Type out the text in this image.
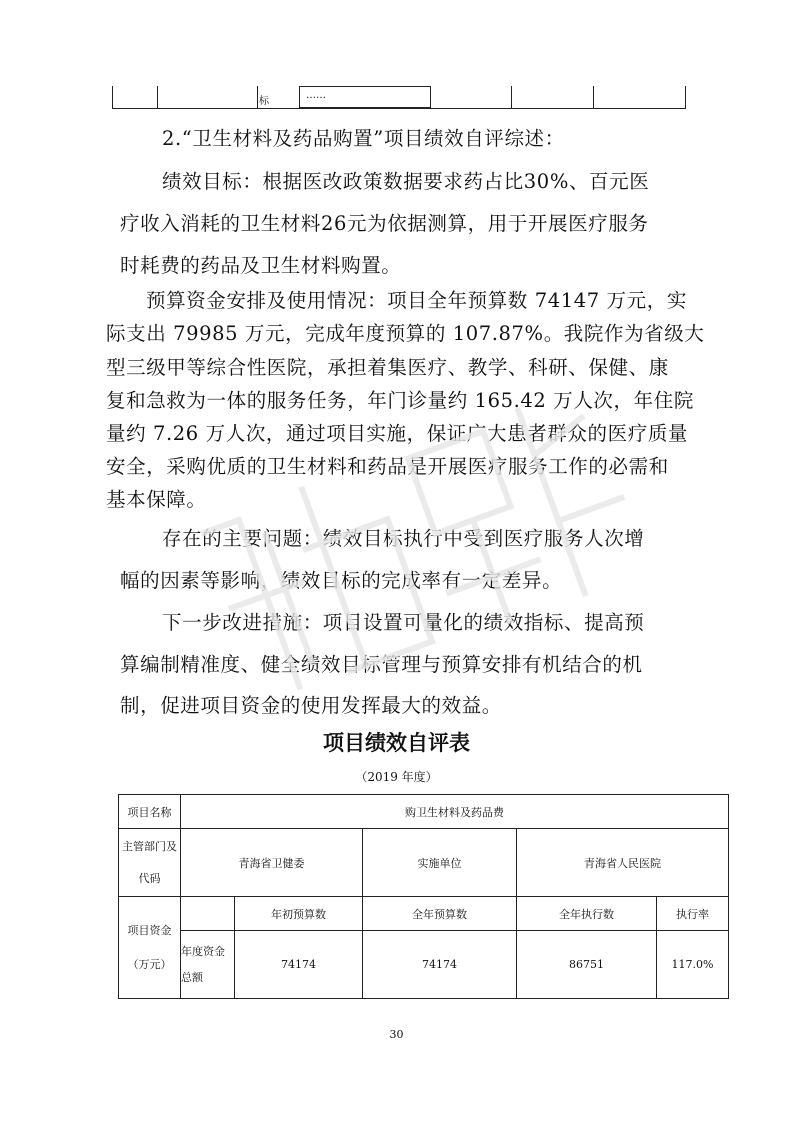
标
……
2.“卫生材料及药品购置”项目绩效自评综述：
绩效目标：根据医改政策数据要求药占比30%、百元医
疗收入消耗的卫生材料26元为依据测算，用于开展医疗服务
时耗费的药品及卫生材料购置。
预算资金安排及使用情况：项目全年预算数 74147 万元，实
际支出 79985 万元，完成年度预算的 107.87%。我院作为省级大
型三级甲等综合性医院，承担着集医疗、教学、科研、保健、康
复和急救为一体的服务任务，年门诊量约 165.42 万人次，年住院
量约 7.26 万人次，通过项目实施，保证广大患者群众的医疗质量
安全，采购优质的卫生材料和药品是开展医疗服务工作的必需和
基本保障。
存在的主要问题：绩效目标执行中受到医疗服务人次增
幅的因素等影响，绩效目标的完成率有一定差异。
下一步改进措施：项目设置可量化的绩效指标、提高预
算编制精准度、健全绩效目标管理与预算安排有机结合的机
制，促进项目资金的使用发挥最大的效益。
项目绩效自评表
（2019 年度）
项目名称	购卫生材料及药品费				

主管部门及
代码	青海省卫健委		实施单位	青海省人民医院	

项目资金
（万元）		年初预算数	全年预算数	全年执行数	执行率

	年度资金
总额	74174	74174	86751	117.0%
30
